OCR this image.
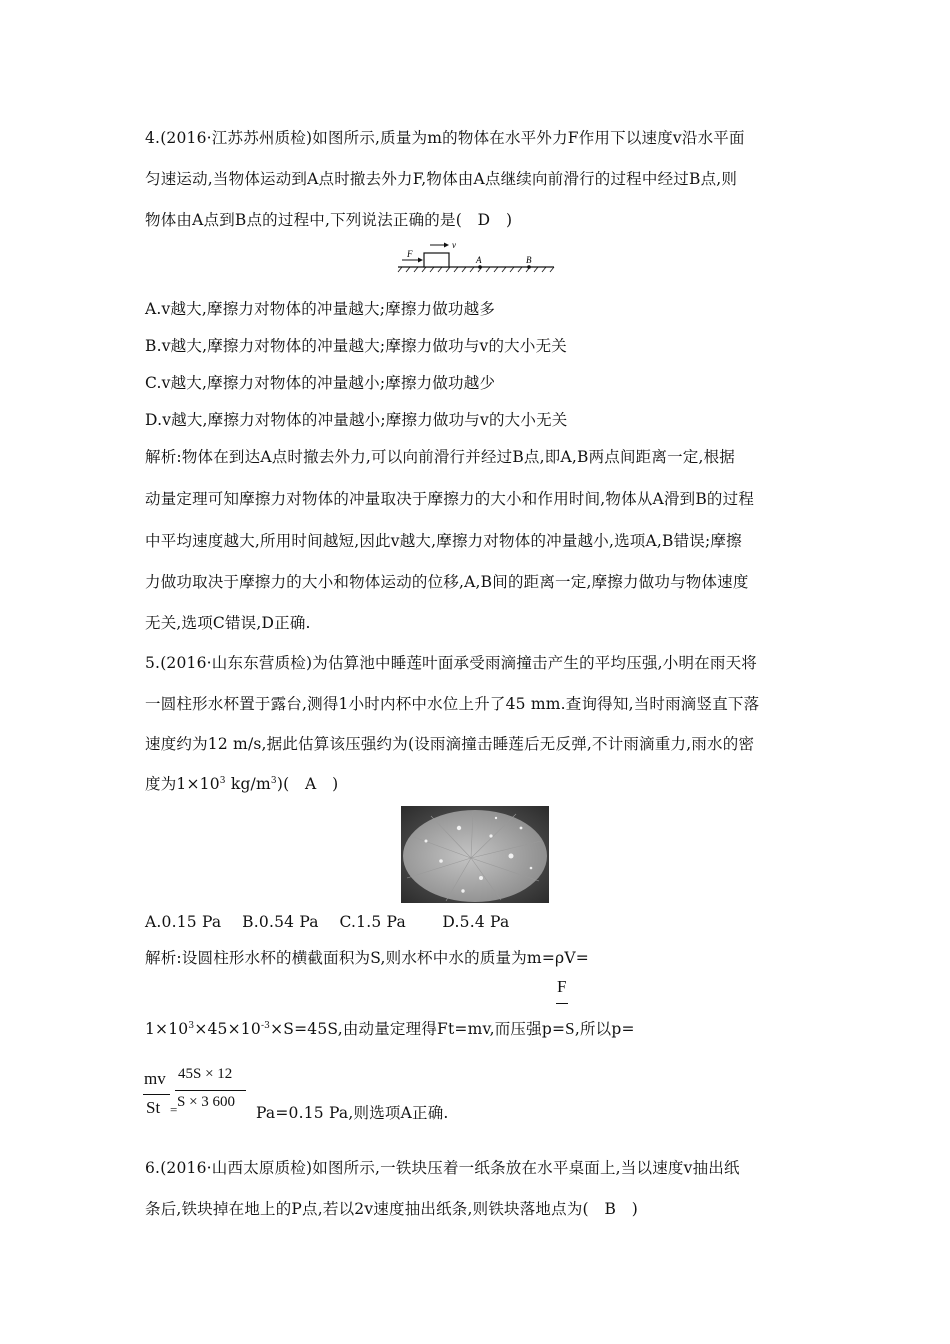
4.(2016·江苏苏州质检)如图所示,质量为m的物体在水平外力F作用下以速度v沿水平面
匀速运动,当物体运动到A点时撤去外力F,物体由A点继续向前滑行的过程中经过B点,则
物体由A点到B点的过程中,下列说法正确的是(　D　)
F
v
A	B
A.v越大,摩擦力对物体的冲量越大;摩擦力做功越多
B.v越大,摩擦力对物体的冲量越大;摩擦力做功与v的大小无关
C.v越大,摩擦力对物体的冲量越小;摩擦力做功越少
D.v越大,摩擦力对物体的冲量越小;摩擦力做功与v的大小无关
解析:物体在到达A点时撤去外力,可以向前滑行并经过B点,即A,B两点间距离一定,根据
动量定理可知摩擦力对物体的冲量取决于摩擦力的大小和作用时间,物体从A滑到B的过程
中平均速度越大,所用时间越短,因此v越大,摩擦力对物体的冲量越小,选项A,B错误;摩擦
力做功取决于摩擦力的大小和物体运动的位移,A,B间的距离一定,摩擦力做功与物体速度
无关,选项C错误,D正确.
5.(2016·山东东营质检)为估算池中睡莲叶面承受雨滴撞击产生的平均压强,小明在雨天将
一圆柱形水杯置于露台,测得1小时内杯中水位上升了45 mm.查询得知,当时雨滴竖直下落
速度约为12 m/s,据此估算该压强约为(设雨滴撞击睡莲后无反弹,不计雨滴重力,雨水的密
度为$1\times 10^3$ $kg/m^3$)(　A　)
A.0.15 Pa　 B.0.54 Pa　 C.1.5 Pa　　 D.5.4 Pa
解析:设圆柱形水杯的横截面积为S,则水杯中水的质量为m=ρV=
F
$1\times 10^3\times 45\times 10^{-3}\times S=45S$,由动量定理得Ft=mv,而压强p=S,所以p=
mv
St =
45S × 12
S × 3 600
Pa=0.15 Pa,则选项A正确.
6.(2016·山西太原质检)如图所示,一铁块压着一纸条放在水平桌面上,当以速度v抽出纸
条后,铁块掉在地上的P点,若以2v速度抽出纸条,则铁块落地点为(　B　)
